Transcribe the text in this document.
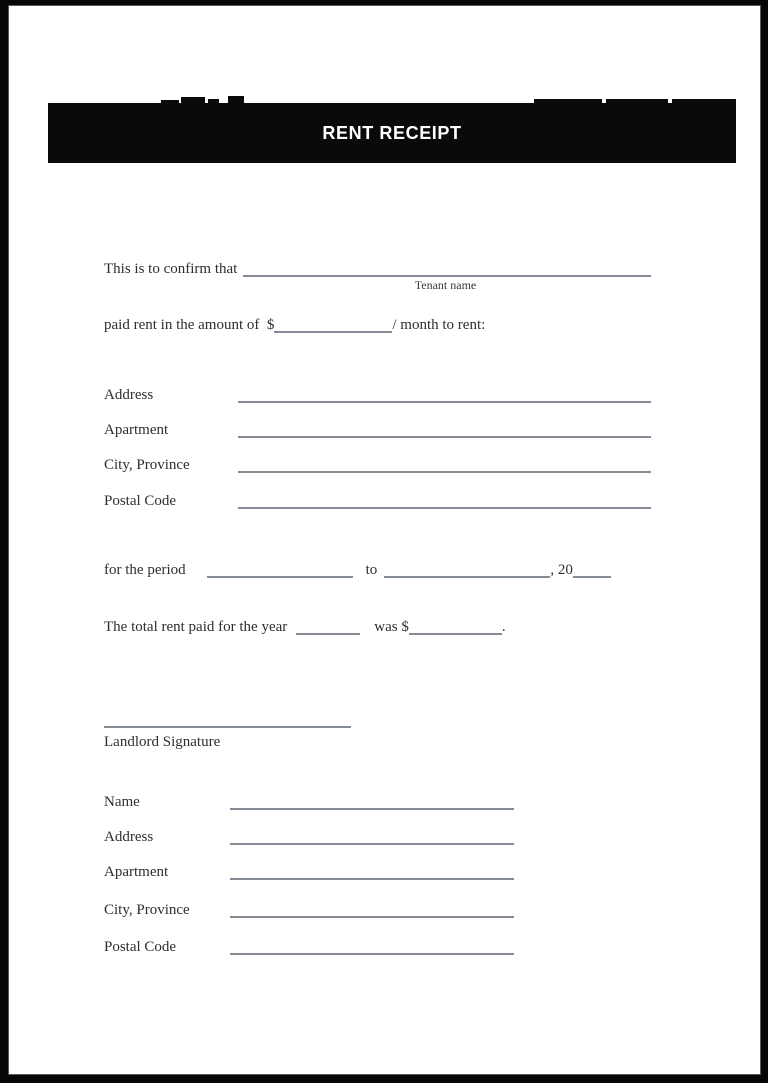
RENT RECEIPT
This is to confirm that
Tenant name
paid rent in the amount of  $	/ month to rent:
Address
Apartment
City, Province
Postal Code
for the period	to	, 20
The total rent paid for the year	was $	.
Landlord Signature
Name
Address
Apartment
City, Province
Postal Code
